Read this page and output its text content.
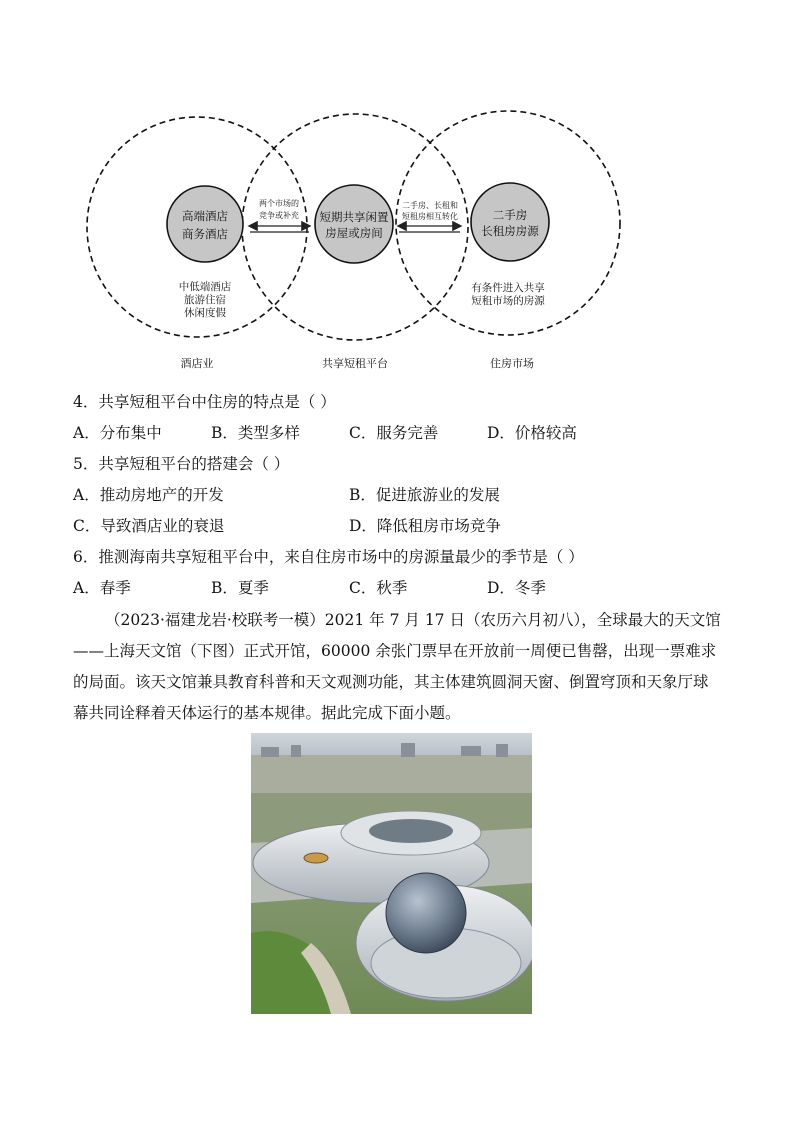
高端酒店
商务酒店
短期共享闲置
房屋或房间
二手房
长租房房源
两个市场的
竞争或补充
二手房、长租和
短租房相互转化
中低端酒店
旅游住宿
休闲度假
有条件进入共享
短租市场的房源
酒店业	共享短租平台	住房市场
4．共享短租平台中住房的特点是（ ）
A．分布集中	B．类型多样	C．服务完善	D．价格较高
5．共享短租平台的搭建会（ ）
A．推动房地产的开发	B．促进旅游业的发展
C．导致酒店业的衰退	D．降低租房市场竞争
6．推测海南共享短租平台中，来自住房市场中的房源量最少的季节是（ ）
A．春季	B．夏季	C．秋季	D．冬季
（2023·福建龙岩·校联考一模）2021 年 7 月 17 日（农历六月初八），全球最大的天文馆
——上海天文馆（下图）正式开馆，60000 余张门票早在开放前一周便已售罄，出现一票难求
的局面。该天文馆兼具教育科普和天文观测功能，其主体建筑圆洞天窗、倒置穹顶和天象厅球
幕共同诠释着天体运行的基本规律。据此完成下面小题。
